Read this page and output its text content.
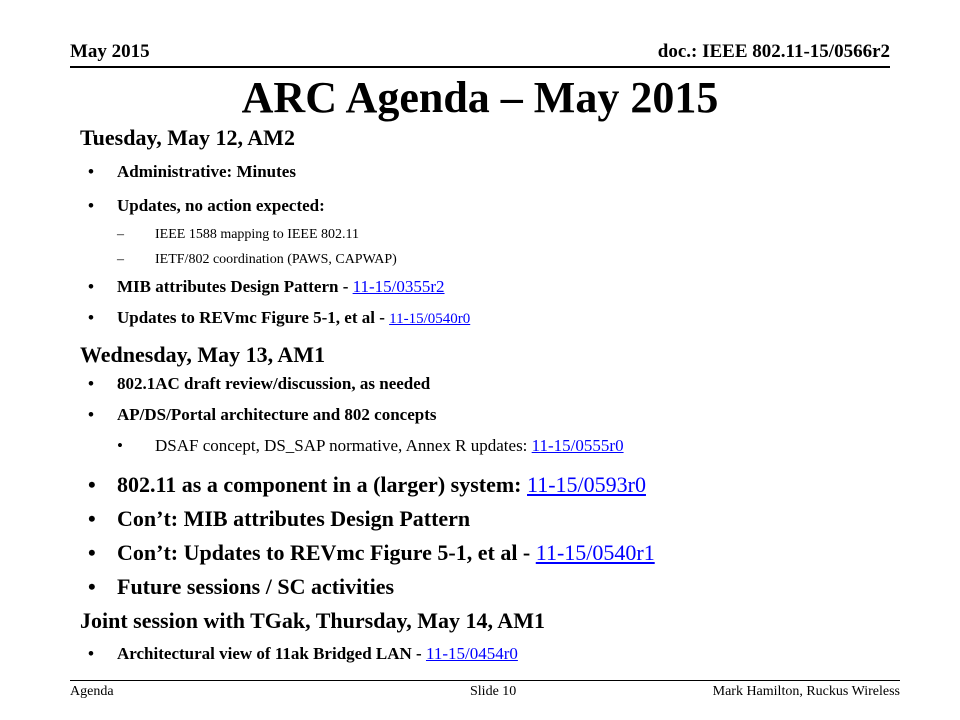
May 2015	doc.: IEEE 802.11-15/0566r2
ARC Agenda – May 2015
Tuesday, May 12, AM2
• Administrative: Minutes
• Updates, no action expected:
– IEEE 1588 mapping to IEEE 802.11
– IETF/802 coordination (PAWS, CAPWAP)
• MIB attributes Design Pattern - 11-15/0355r2
• Updates to REVmc Figure 5-1, et al - 11-15/0540r0
Wednesday, May 13, AM1
• 802.1AC draft review/discussion, as needed
• AP/DS/Portal architecture and 802 concepts
• DSAF concept, DS_SAP normative, Annex R updates: 11-15/0555r0
• 802.11 as a component in a (larger) system: 11-15/0593r0
• Con’t: MIB attributes Design Pattern
• Con’t: Updates to REVmc Figure 5-1, et al - 11-15/0540r1
• Future sessions / SC activities
Joint session with TGak, Thursday, May 14, AM1
• Architectural view of 11ak Bridged LAN - 11-15/0454r0
Agenda	Slide 10	Mark Hamilton, Ruckus Wireless
